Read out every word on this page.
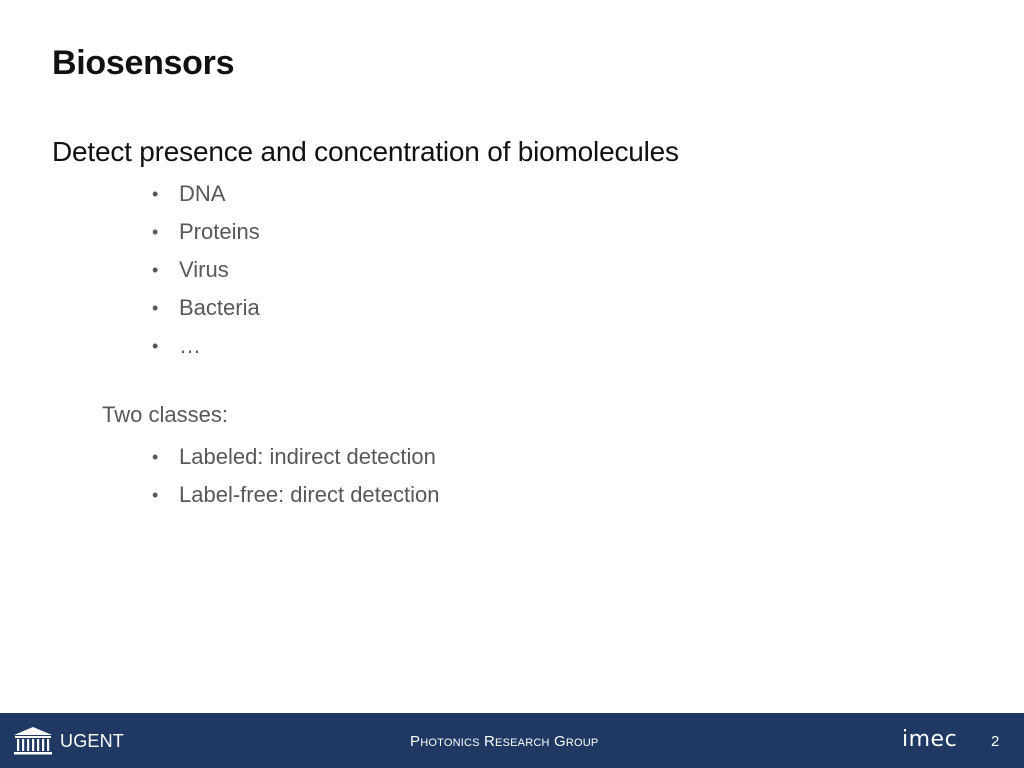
Biosensors
Detect presence and concentration of biomolecules
• DNA
• Proteins
• Virus
• Bacteria
• …
Two classes:
• Labeled: indirect detection
• Label-free: direct detection
UGENT	Photonics Research Group	imec 2
